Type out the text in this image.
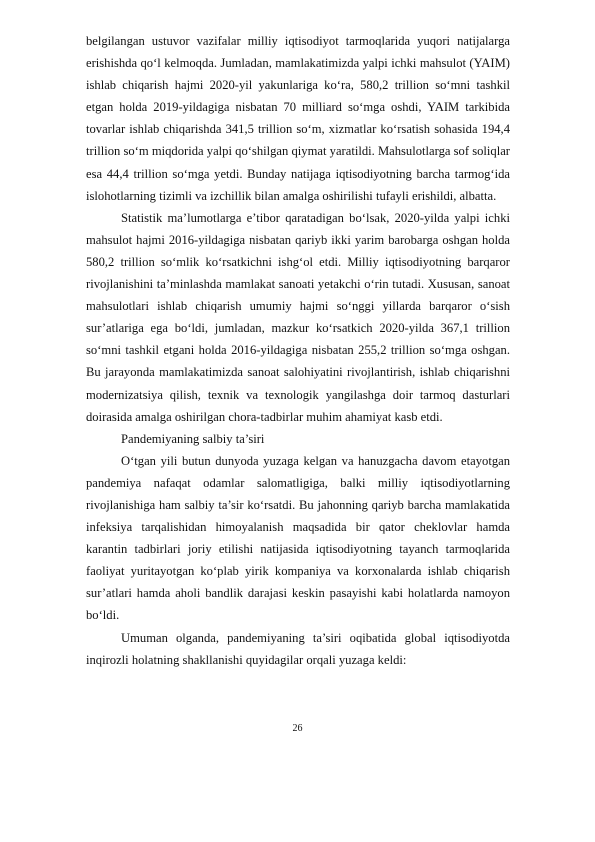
belgilangan ustuvor vazifalar milliy iqtisodiyot tarmoqlarida yuqori natijalarga erishishda qo‘l kelmoqda. Jumladan, mamlakatimizda yalpi ichki mahsulot (YAIM) ishlab chiqarish hajmi 2020-yil yakunlariga ko‘ra, 580,2 trillion so‘mni tashkil etgan holda 2019-yildagiga nisbatan 70 milliard so‘mga oshdi, YAIM tarkibida tovarlar ishlab chiqarishda 341,5 trillion so‘m, xizmatlar ko‘rsatish sohasida 194,4 trillion so‘m miqdorida yalpi qo‘shilgan qiymat yaratildi. Mahsulotlarga sof soliqlar esa 44,4 trillion so‘mga yetdi. Bunday natijaga iqtisodiyotning barcha tarmog‘ida islohotlarning tizimli va izchillik bilan amalga oshirilishi tufayli erishildi, albatta.

Statistik ma’lumotlarga e’tibor qaratadigan bo‘lsak, 2020-yilda yalpi ichki mahsulot hajmi 2016-yildagiga nisbatan qariyb ikki yarim barobarga oshgan holda 580,2 trillion so‘mlik ko‘rsatkichni ishg‘ol etdi. Milliy iqtisodiyotning barqaror rivojlanishini ta’minlashda mamlakat sanoati yetakchi o‘rin tutadi. Xususan, sanoat mahsulotlari ishlab chiqarish umumiy hajmi so‘nggi yillarda barqaror o‘sish sur’atlariga ega bo‘ldi, jumladan, mazkur ko‘rsatkich 2020-yilda 367,1 trillion so‘mni tashkil etgani holda 2016-yildagiga nisbatan 255,2 trillion so‘mga oshgan. Bu jarayonda mamlakatimizda sanoat salohiyatini rivojlantirish, ishlab chiqarishni modernizatsiya qilish, texnik va texnologik yangilashga doir tarmoq dasturlari doirasida amalga oshirilgan chora-tadbirlar muhim ahamiyat kasb etdi.

Pandemiyaning salbiy ta’siri

O‘tgan yili butun dunyoda yuzaga kelgan va hanuzgacha davom etayotgan pandemiya nafaqat odamlar salomatligiga, balki milliy iqtisodiyotlarning rivojlanishiga ham salbiy ta’sir ko‘rsatdi. Bu jahonning qariyb barcha mamlakatida infeksiya tarqalishidan himoyalanish maqsadida bir qator cheklovlar hamda karantin tadbirlari joriy etilishi natijasida iqtisodiyotning tayanch tarmoqlarida faoliyat yuritayotgan ko‘plab yirik kompaniya va korxonalarda ishlab chiqarish sur’atlari hamda aholi bandlik darajasi keskin pasayishi kabi holatlarda namoyon bo‘ldi.

Umuman olganda, pandemiyaning ta’siri oqibatida global iqtisodiyotda inqirozli holatning shakllanishi quyidagilar orqali yuzaga keldi:

26
